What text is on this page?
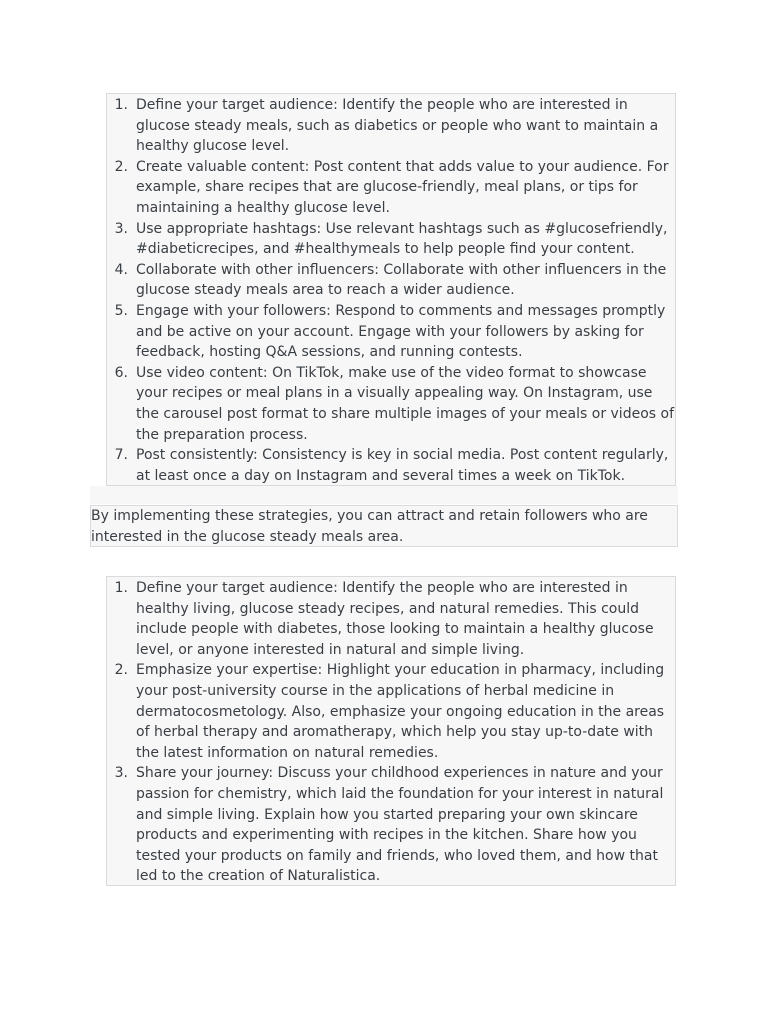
1. Define your target audience: Identify the people who are interested in glucose steady meals, such as diabetics or people who want to maintain a healthy glucose level.
2. Create valuable content: Post content that adds value to your audience. For example, share recipes that are glucose-friendly, meal plans, or tips for maintaining a healthy glucose level.
3. Use appropriate hashtags: Use relevant hashtags such as #glucosefriendly, #diabeticrecipes, and #healthymeals to help people find your content.
4. Collaborate with other influencers: Collaborate with other influencers in the glucose steady meals area to reach a wider audience.
5. Engage with your followers: Respond to comments and messages promptly and be active on your account. Engage with your followers by asking for feedback, hosting Q&A sessions, and running contests.
6. Use video content: On TikTok, make use of the video format to showcase your recipes or meal plans in a visually appealing way. On Instagram, use the carousel post format to share multiple images of your meals or videos of the preparation process.
7. Post consistently: Consistency is key in social media. Post content regularly, at least once a day on Instagram and several times a week on TikTok.

By implementing these strategies, you can attract and retain followers who are interested in the glucose steady meals area.

1. Define your target audience: Identify the people who are interested in healthy living, glucose steady recipes, and natural remedies. This could include people with diabetes, those looking to maintain a healthy glucose level, or anyone interested in natural and simple living.
2. Emphasize your expertise: Highlight your education in pharmacy, including your post-university course in the applications of herbal medicine in dermatocosmetology. Also, emphasize your ongoing education in the areas of herbal therapy and aromatherapy, which help you stay up-to-date with the latest information on natural remedies.
3. Share your journey: Discuss your childhood experiences in nature and your passion for chemistry, which laid the foundation for your interest in natural and simple living. Explain how you started preparing your own skincare products and experimenting with recipes in the kitchen. Share how you tested your products on family and friends, who loved them, and how that led to the creation of Naturalistica.
